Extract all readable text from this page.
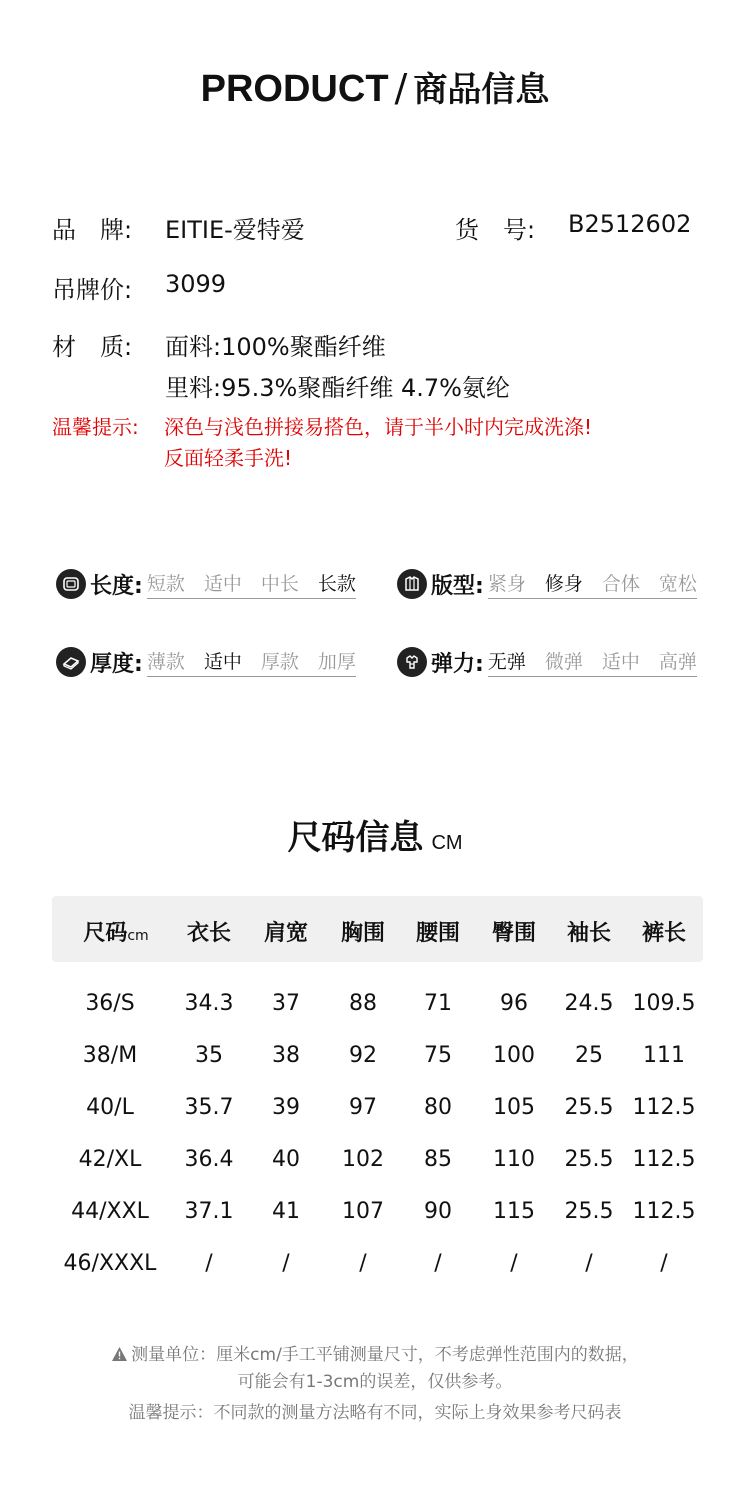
PRODUCT / 商品信息
品　牌: EITIE-爱特爱	货　号: B2512602
吊牌价: 3099
材　质: 面料:100%聚酯纤维
里料:95.3%聚酯纤维 4.7%氨纶
温馨提示: 深色与浅色拼接易搭色，请于半小时内完成洗涤!
反面轻柔手洗!
长度: 短款 适中 中长 长款	版型: 紧身 修身 合体 宽松
厚度: 薄款 适中 厚款 加厚	弹力: 无弹 微弹 适中 高弹
尺码信息 CM
尺码cm 衣长 肩宽 胸围 腰围 臀围 袖长 裤长
36/S 34.3 37 88 71 96 24.5 109.5
38/M	35 38 92 75 100 25 111
40/L 35.7 39 97 80 105 25.5 112.5
42/XL 36.4 40 102 85 110 25.5 112.5
44/XXL 37.1 41 107 90 115 25.5 112.5
46/XXXL /	/	/	/	/	/	/
测量单位：厘米cm/手工平铺测量尺寸，不考虑弹性范围内的数据，
可能会有1-3cm的误差，仅供参考。
温馨提示：不同款的测量方法略有不同，实际上身效果参考尺码表
